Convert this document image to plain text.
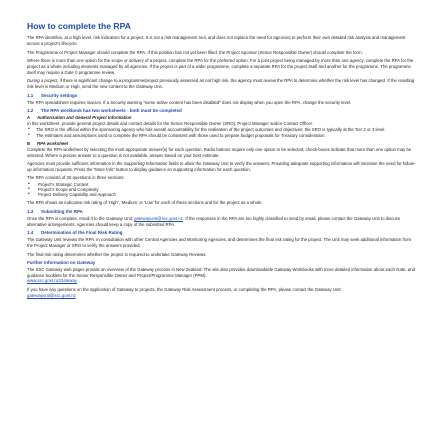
How to complete the RPA

The RPA identifies, at a high level, risk indicators for a project. It is not a risk management tool, and does not replace the need for agencies to perform their own detailed risk analysis and management across a project's lifecycle.

The Programme or Project Manager should complete the RPA. If this position has not yet been filled, the Project Sponsor (Senior Responsible Owner) should complete the form.

Where there is more than one option for the scope or delivery of a project, complete the RPA for the preferred option. For a joint project being managed by more than one agency, complete the RPA for the project as a whole including elements managed by all agencies. If the project is part of a wider programme, complete a separate RPA for the project itself and another for the programme. The programme itself may require a Gate 0 programme review.

During a project, if there is significant change to a programme/project previously assessed as not high risk, the agency must review the RPA to determine whether the risk level has changed. If the resulting risk level is Medium or High, send the new content to the Gateway Unit.

1.1 Security settings

The RPA spreadsheet requires macros. If a Security warning *some active content has been disabled* does not display when you open the RPA, change the security level.

1.2 The RPA workbook has two worksheets - both must be completed
A Authorisation and General Project Information

In this worksheet, provide general project details and contact details for the Senior Responsible Owner (SRO), Project Manager and/or Contact Officer.

• The SRO is the official within the sponsoring agency who has overall accountability for the realisation of the project outcomes and objectives; the SRO is typically at the Tier 2 or 3 level.
• The estimates and assumptions used to complete the RPA should be consistent with those used to prepare budget proposals for Treasury consideration.
B RPA worksheet

Complete the RPA worksheet by selecting the most appropriate answer(s) for each question. Radio buttons require only one option to be selected; check-boxes indicate that more than one option may be selected. Where a precise answer to a question is not available, answer based on your best estimate.

Agencies must provide sufficient information in the Supporting Information fields to allow the Gateway Unit to verify the answers. Providing adequate supporting information will minimise the need for follow-up information requests. Press the "More Info" button to display guidance on supporting information for each question.

The RPA consists of 26 questions in three sections:

• Project's Strategic Context
• Project's Scope and Complexity
• Project Delivery Capability and Approach

The RPA shows an indicative risk rating of 'High', 'Medium' or 'Low' for each of these sections and for the project as a whole.

1.3 Submitting the RPA

Once the RPA is complete, email it to the Gateway Unit: gatewayunit@ssc.govt.nz. If the responses in the RPA are too highly classified to send by email, please contact the Gateway Unit to discuss alternative arrangements. Agencies should keep a copy of the submitted RPA.

1.4 Determination of the Final Risk Rating

The Gateway Unit reviews the RPA, in consultation with other Central Agencies and Monitoring Agencies, and determines the final risk rating for the project. The Unit may seek additional information from the Project Manager or SRO to verify the answers provided.

The final risk rating determines whether the project is required to undertake Gateway Reviews.

Further Information on Gateway

The SSC Gateway web pages provide an overview of the Gateway process in New Zealand. The site also provides downloadable Gateway Workbooks with more detailed information about each Gate, and guidance booklets for the Senior Responsible Owner and Project/Programme Manager (PPM).

www.ssc.govt.nz/Gateway

If you have any questions on the application of Gateway to projects, the Gateway Risk Assessment process, or completing the RPA, please contact the Gateway Unit:

gatewayunit@ssc.govt.nz
